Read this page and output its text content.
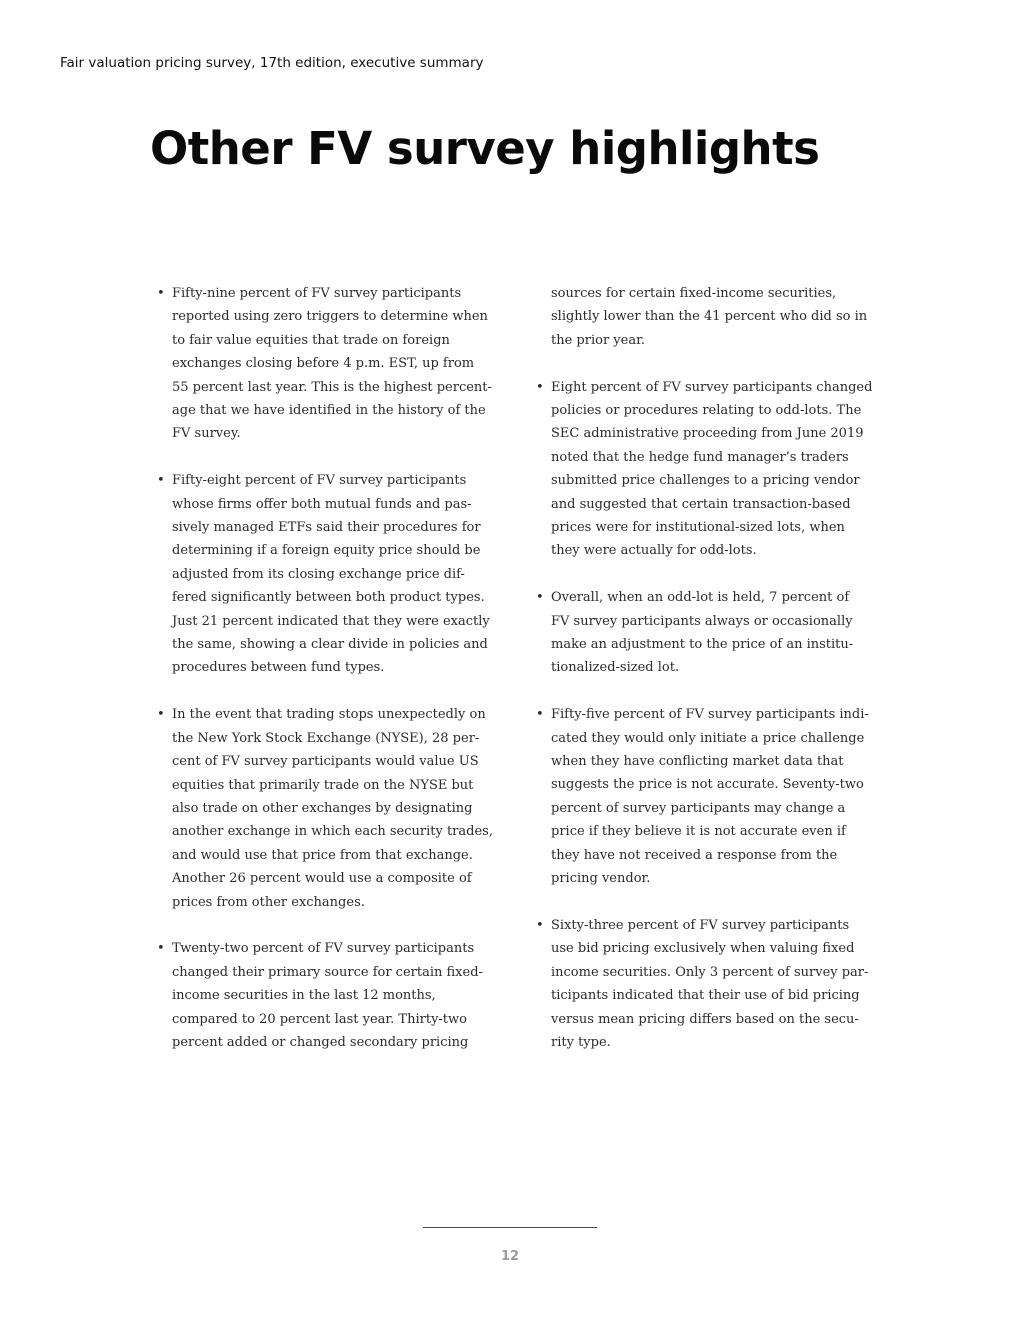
Fair valuation pricing survey, 17th edition, executive summary
Other FV survey highlights
• Fifty-nine percent of FV survey participants
reported using zero triggers to determine when
to fair value equities that trade on foreign
exchanges closing before 4 p.m. EST, up from
55 percent last year. This is the highest percent-
age that we have identified in the history of the
FV survey.
• Fifty-eight percent of FV survey participants
whose firms offer both mutual funds and pas-
sively managed ETFs said their procedures for
determining if a foreign equity price should be
adjusted from its closing exchange price dif-
fered significantly between both product types.
Just 21 percent indicated that they were exactly
the same, showing a clear divide in policies and
procedures between fund types.
• In the event that trading stops unexpectedly on
the New York Stock Exchange (NYSE), 28 per-
cent of FV survey participants would value US
equities that primarily trade on the NYSE but
also trade on other exchanges by designating
another exchange in which each security trades,
and would use that price from that exchange.
Another 26 percent would use a composite of
prices from other exchanges.
• Twenty-two percent of FV survey participants
changed their primary source for certain fixed-
income securities in the last 12 months,
compared to 20 percent last year. Thirty-two
percent added or changed secondary pricing
sources for certain fixed-income securities,
slightly lower than the 41 percent who did so in
the prior year.
• Eight percent of FV survey participants changed
policies or procedures relating to odd-lots. The
SEC administrative proceeding from June 2019
noted that the hedge fund manager’s traders
submitted price challenges to a pricing vendor
and suggested that certain transaction-based
prices were for institutional-sized lots, when
they were actually for odd-lots.
• Overall, when an odd-lot is held, 7 percent of
FV survey participants always or occasionally
make an adjustment to the price of an institu-
tionalized-sized lot.
• Fifty-five percent of FV survey participants indi-
cated they would only initiate a price challenge
when they have conflicting market data that
suggests the price is not accurate. Seventy-two
percent of survey participants may change a
price if they believe it is not accurate even if
they have not received a response from the
pricing vendor.
• Sixty-three percent of FV survey participants
use bid pricing exclusively when valuing fixed
income securities. Only 3 percent of survey par-
ticipants indicated that their use of bid pricing
versus mean pricing differs based on the secu-
rity type.
12
